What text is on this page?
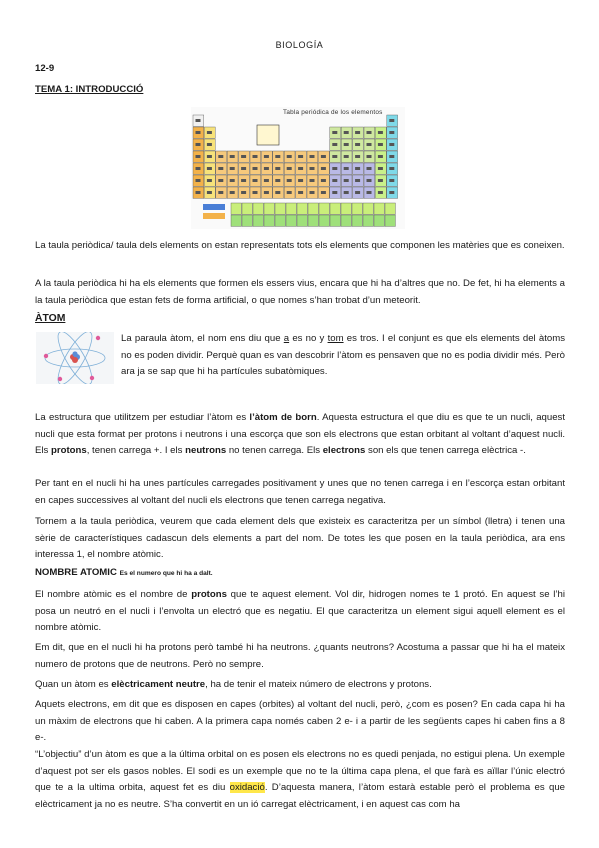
BIOLOGÍA
12-9
TEMA 1: INTRODUCCIÓ
Tabla periódica de los elementos
La taula periòdica/ taula dels elements on estan representats tots els elements que componen les matèries que es coneixen.
A la taula periòdica hi ha els elements que formen els essers vius, encara que hi ha d’altres que no. De fet, hi ha elements a la taula periòdica que estan fets de forma artificial, o que nomes s’han trobat d’un meteorit.
ÀTOM
La paraula àtom, el nom ens diu que a es no y tom es tros. I el conjunt es que els elements del àtoms no es poden dividir. Perquè quan es van descobrir l’àtom es pensaven que no es podia dividir més. Però ara ja se sap que hi ha partícules subatòmiques.
La estructura que utilitzem per estudiar l’àtom es l’àtom de born. Aquesta estructura el que diu es que te un nucli, aquest nucli que esta format per protons i neutrons i una escorça que son els electrons que estan orbitant al voltant d’aquest nucli. Els protons, tenen carrega +. I els neutrons no tenen carrega. Els electrons son els que tenen carrega elèctrica -.
Per tant en el nucli hi ha unes partícules carregades positivament y unes que no tenen carrega i en l’escorça estan orbitant en capes successives al voltant del nucli els electrons que tenen carrega negativa.
Tornem a la taula periòdica, veurem que cada element dels que existeix es caracteritza per un símbol (lletra) i tenen una sèrie de característiques cadascun dels elements a part del nom. De totes les que posen en la taula periòdica, ara ens interessa 1, el nombre atòmic.
NOMBRE ATOMIC Es el numero que hi ha a dalt.
El nombre atòmic es el nombre de protons que te aquest element. Vol dir, hidrogen nomes te 1 protó. En aquest se l’hi posa un neutró en el nucli i l’envolta un electró que es negatiu. El que caracteritza un element sigui aquell element es el nombre atòmic.
Em dit, que en el nucli hi ha protons però també hi ha neutrons. ¿quants neutrons? Acostuma a passar que hi ha el mateix numero de protons que de neutrons. Però no sempre.
Quan un àtom es elèctricament neutre, ha de tenir el mateix número de electrons y protons.
Aquets electrons, em dit que es disposen en capes (orbites) al voltant del nucli, però, ¿com es posen? En cada capa hi ha un màxim de electrons que hi caben. A la primera capa només caben 2 e- i a partir de les següents capes hi caben fins a 8 e-.
“L’objectiu” d’un àtom es que a la última orbital on es posen els electrons no es quedi penjada, no estigui plena. Un exemple d’aquest pot ser els gasos nobles. El sodi es un exemple que no te la última capa plena, el que farà es aïllar l’únic electró que te a la ultima orbita, aquest fet es diu oxidació. D’aquesta manera, l’àtom estarà estable però el problema es que elèctricament ja no es neutre. S’ha convertit en un ió carregat elèctricament, i en aquest cas com ha
